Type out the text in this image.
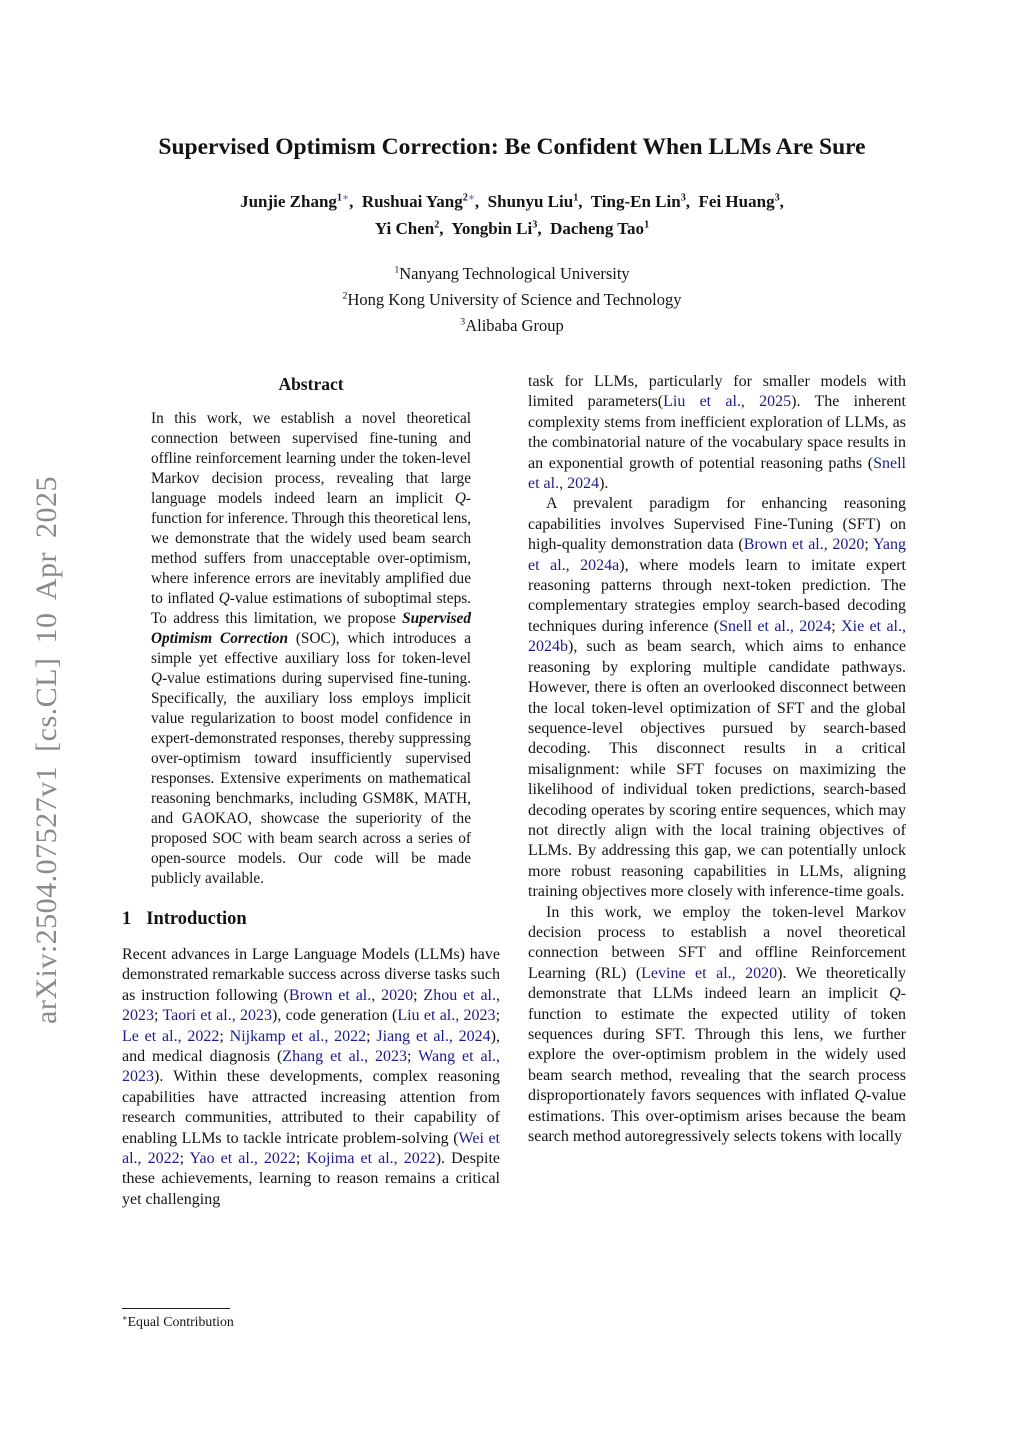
arXiv:2504.07527v1 [cs.CL] 10 Apr 2025
Supervised Optimism Correction: Be Confident When LLMs Are Sure
Junjie Zhang$^{1∗}$,  Rushuai Yang$^{2∗}$,  Shunyu Liu$^1$,  Ting-En Lin$^3$,  Fei Huang$^3$,
Yi Chen$^2$,  Yongbin Li$^3$,  Dacheng Tao$^1$
$^1$Nanyang Technological University
$^2$Hong Kong University of Science and Technology
$^3$Alibaba Group
Abstract

In this work, we establish a novel theoretical connection between supervised fine-tuning and offline reinforcement learning under the token-level Markov decision process, revealing that large language models indeed learn an implicit Q-function for inference. Through this theoretical lens, we demonstrate that the widely used beam search method suffers from unacceptable over-optimism, where inference errors are inevitably amplified due to inflated Q-value estimations of suboptimal steps. To address this limitation, we propose Supervised Optimism Correction (SOC), which introduces a simple yet effective auxiliary loss for token-level Q-value estimations during supervised fine-tuning. Specifically, the auxiliary loss employs implicit value regularization to boost model confidence in expert-demonstrated responses, thereby suppressing over-optimism toward insufficiently supervised responses. Extensive experiments on mathematical reasoning benchmarks, including GSM8K, MATH, and GAOKAO, showcase the superiority of the proposed SOC with beam search across a series of open-source models. Our code will be made publicly available.

1 Introduction

Recent advances in Large Language Models (LLMs) have demonstrated remarkable success across diverse tasks such as instruction following (Brown et al., 2020; Zhou et al., 2023; Taori et al., 2023), code generation (Liu et al., 2023; Le et al., 2022; Nijkamp et al., 2022; Jiang et al., 2024), and medical diagnosis (Zhang et al., 2023; Wang et al., 2023). Within these developments, complex reasoning capabilities have attracted increasing attention from research communities, attributed to their capability of enabling LLMs to tackle intricate problem-solving (Wei et al., 2022; Yao et al., 2022; Kojima et al., 2022). Despite these achievements, learning to reason remains a critical yet challenging

task for LLMs, particularly for smaller models with limited parameters(Liu et al., 2025). The inherent complexity stems from inefficient exploration of LLMs, as the combinatorial nature of the vocabulary space results in an exponential growth of potential reasoning paths (Snell et al., 2024).

A prevalent paradigm for enhancing reasoning capabilities involves Supervised Fine-Tuning (SFT) on high-quality demonstration data (Brown et al., 2020; Yang et al., 2024a), where models learn to imitate expert reasoning patterns through next-token prediction. The complementary strategies employ search-based decoding techniques during inference (Snell et al., 2024; Xie et al., 2024b), such as beam search, which aims to enhance reasoning by exploring multiple candidate pathways. However, there is often an overlooked disconnect between the local token-level optimization of SFT and the global sequence-level objectives pursued by search-based decoding. This disconnect results in a critical misalignment: while SFT focuses on maximizing the likelihood of individual token predictions, search-based decoding operates by scoring entire sequences, which may not directly align with the local training objectives of LLMs. By addressing this gap, we can potentially unlock more robust reasoning capabilities in LLMs, aligning training objectives more closely with inference-time goals.

In this work, we employ the token-level Markov decision process to establish a novel theoretical connection between SFT and offline Reinforcement Learning (RL) (Levine et al., 2020). We theoretically demonstrate that LLMs indeed learn an implicit Q-function to estimate the expected utility of token sequences during SFT. Through this lens, we further explore the over-optimism problem in the widely used beam search method, revealing that the search process disproportionately favors sequences with inflated Q-value estimations. This over-optimism arises because the beam search method autoregressively selects tokens with locally

∗Equal Contribution
